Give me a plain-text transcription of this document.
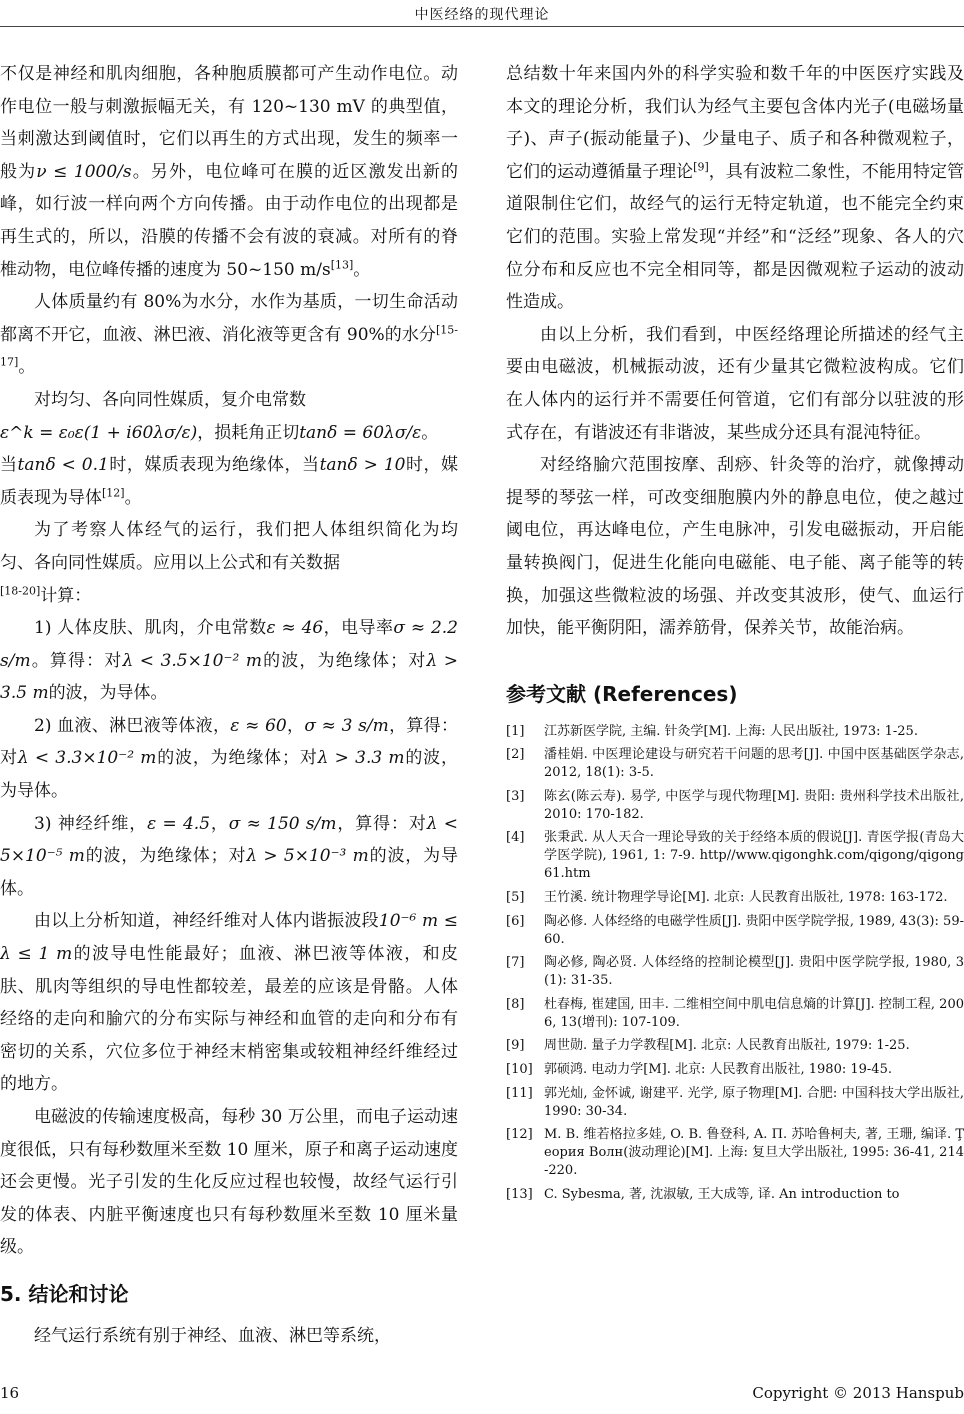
中医经络的现代理论

不仅是神经和肌肉细胞，各种胞质膜都可产生动作电位。动作电位一般与刺激振幅无关，有 120~130 mV 的典型值，当刺激达到阈值时，它们以再生的方式出现，发生的频率一般为ν ≤ 1000/s。另外，电位峰可在膜的近区激发出新的峰，如行波一样向两个方向传播。由于动作电位的出现都是再生式的，所以，沿膜的传播不会有波的衰减。对所有的脊椎动物，电位峰传播的速度为 50~150 m/s[13]。

人体质量约有 80%为水分，水作为基质，一切生命活动都离不开它，血液、淋巴液、消化液等更含有 90%的水分[15-17]。

对均匀、各向同性媒质，复介电常数

ε^k = ε₀ε(1 + i60λσ/ε)，损耗角正切tanδ = 60λσ/ε。
当tanδ < 0.1时，媒质表现为绝缘体，当tanδ > 10时，媒质表现为导体[12]。

为了考察人体经气的运行，我们把人体组织简化为均匀、各向同性媒质。应用以上公式和有关数据
[18-20]计算：

1) 人体皮肤、肌肉，介电常数ε ≈ 46，电导率σ ≈ 2.2 s/m。算得：对λ < 3.5×10⁻² m的波，为绝缘体；对λ > 3.5 m的波，为导体。

2) 血液、淋巴液等体液，ε ≈ 60，σ ≈ 3 s/m，算得：对λ < 3.3×10⁻² m的波，为绝缘体；对λ > 3.3 m的波，为导体。

3) 神经纤维，ε = 4.5，σ ≈ 150 s/m，算得：对λ < 5×10⁻⁵ m的波，为绝缘体；对λ > 5×10⁻³ m的波，为导体。

由以上分析知道，神经纤维对人体内谐振波段10⁻⁶ m ≤ λ ≤ 1 m的波导电性能最好；血液、淋巴液等体液，和皮肤、肌肉等组织的导电性都较差，最差的应该是骨骼。人体经络的走向和腧穴的分布实际与神经和血管的走向和分布有密切的关系，穴位多位于神经末梢密集或较粗神经纤维经过的地方。

电磁波的传输速度极高，每秒 30 万公里，而电子运动速度很低，只有每秒数厘米至数 10 厘米，原子和离子运动速度还会更慢。光子引发的生化反应过程也较慢，故经气运行引发的体表、内脏平衡速度也只有每秒数厘米至数 10 厘米量级。

5. 结论和讨论

经气运行系统有别于神经、血液、淋巴等系统，

总结数十年来国内外的科学实验和数千年的中医医疗实践及本文的理论分析，我们认为经气主要包含体内光子(电磁场量子)、声子(振动能量子)、少量电子、质子和各种微观粒子，它们的运动遵循量子理论[9]，具有波粒二象性，不能用特定管道限制住它们，故经气的运行无特定轨道，也不能完全约束它们的范围。实验上常发现“并经”和“泛经”现象、各人的穴位分布和反应也不完全相同等，都是因微观粒子运动的波动性造成。

由以上分析，我们看到，中医经络理论所描述的经气主要由电磁波，机械振动波，还有少量其它微粒波构成。它们在人体内的运行并不需要任何管道，它们有部分以驻波的形式存在，有谐波还有非谐波，某些成分还具有混沌特征。

对经络腧穴范围按摩、刮痧、针灸等的治疗，就像搏动提琴的琴弦一样，可改变细胞膜内外的静息电位，使之越过阈电位，再达峰电位，产生电脉冲，引发电磁振动，开启能量转换阀门，促进生化能向电磁能、电子能、离子能等的转换，加强这些微粒波的场强、并改变其波形，使气、血运行加快，能平衡阴阳，濡养筋骨，保养关节，故能治病。

参考文献 (References)
[1]	江苏新医学院, 主编. 针灸学[M]. 上海: 人民出版社, 1973: 1-25.
[2]	潘桂娟. 中医理论建设与研究若干问题的思考[J]. 中国中医基础医学杂志, 2012, 18(1): 3-5.
[3]	陈玄(陈云寿). 易学, 中医学与现代物理[M]. 贵阳: 贵州科学技术出版社, 2010: 170-182.
[4]	张秉武. 从人天合一理论导致的关于经络本质的假说[J]. 青医学报(青岛大学医学院), 1961, 1: 7-9. http//www.qigonghk.com/qigong/qigong61.htm
[5]	王竹溪. 统计物理学导论[M]. 北京: 人民教育出版社, 1978: 163-172.
[6]	陶必修. 人体经络的电磁学性质[J]. 贵阳中医学院学报, 1989, 43(3): 59-60.
[7]	陶必修, 陶必贤. 人体经络的控制论模型[J]. 贵阳中医学院学报, 1980, 3(1): 31-35.
[8]	杜春梅, 崔建国, 田丰. 二维相空间中肌电信息熵的计算[J]. 控制工程, 2006, 13(增刊): 107-109.
[9]	周世勋. 量子力学教程[M]. 北京: 人民教育出版社, 1979: 1-25.
[10] 郭硕鸿. 电动力学[M]. 北京: 人民教育出版社, 1980: 19-45.
[11] 郭光灿, 金怀诚, 谢建平. 光学, 原子物理[M]. 合肥: 中国科技大学出版社, 1990: 30-34.
[12] M. B. 维若格拉多娃, O. B. 鲁登科, A. П. 苏哈鲁柯夫, 著, 王珊, 编译. Ţеория Волн(波动理论)[M]. 上海: 复旦大学出版社, 1995: 36-41, 214-220.
[13] C. Sybesma, 著, 沈淑敏, 王大成等, 译. An introduction to
16	Copyright © 2013 Hanspub
